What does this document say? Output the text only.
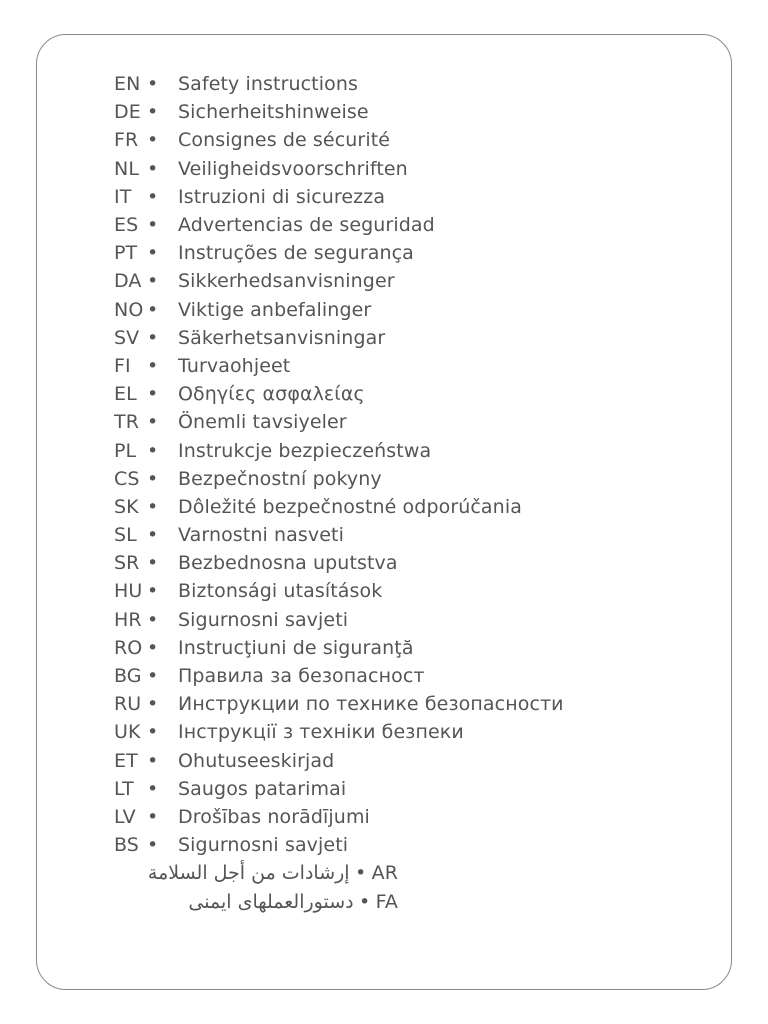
EN •	Safety instructions
DE •	Sicherheitshinweise
FR •	Consignes de sécurité
NL •	Veiligheidsvoorschriften
IT •	Istruzioni di sicurezza
ES •	Advertencias de seguridad
PT •	Instruções de segurança
DA •	Sikkerhedsanvisninger
NO •	Viktige anbefalinger
SV •	Säkerhetsanvisningar
FI •	Turvaohjeet
EL •	Οδηγίες ασφαλείας
TR •	Önemli tavsiyeler
PL •	Instrukcje bezpieczeństwa
CS •	Bezpečnostní pokyny
SK •	Dôležité bezpečnostné odporúčania
SL •	Varnostni nasveti
SR •	Bezbednosna uputstva
HU •	Biztonsági utasítások
HR •	Sigurnosni savjeti
RO •	Instrucţiuni de siguranţă
BG •	Правила за безопасност
RU •	Инструкции по технике безопасности
UK •	Інструкції з техніки безпеки
ET •	Ohutuseeskirjad
LT •	Saugos patarimai
LV •	Drošības norādījumi
BS •	Sigurnosni savjeti
إرشادات من أجل السلامة • AR
دستورالعملهای ایمنی • FA
